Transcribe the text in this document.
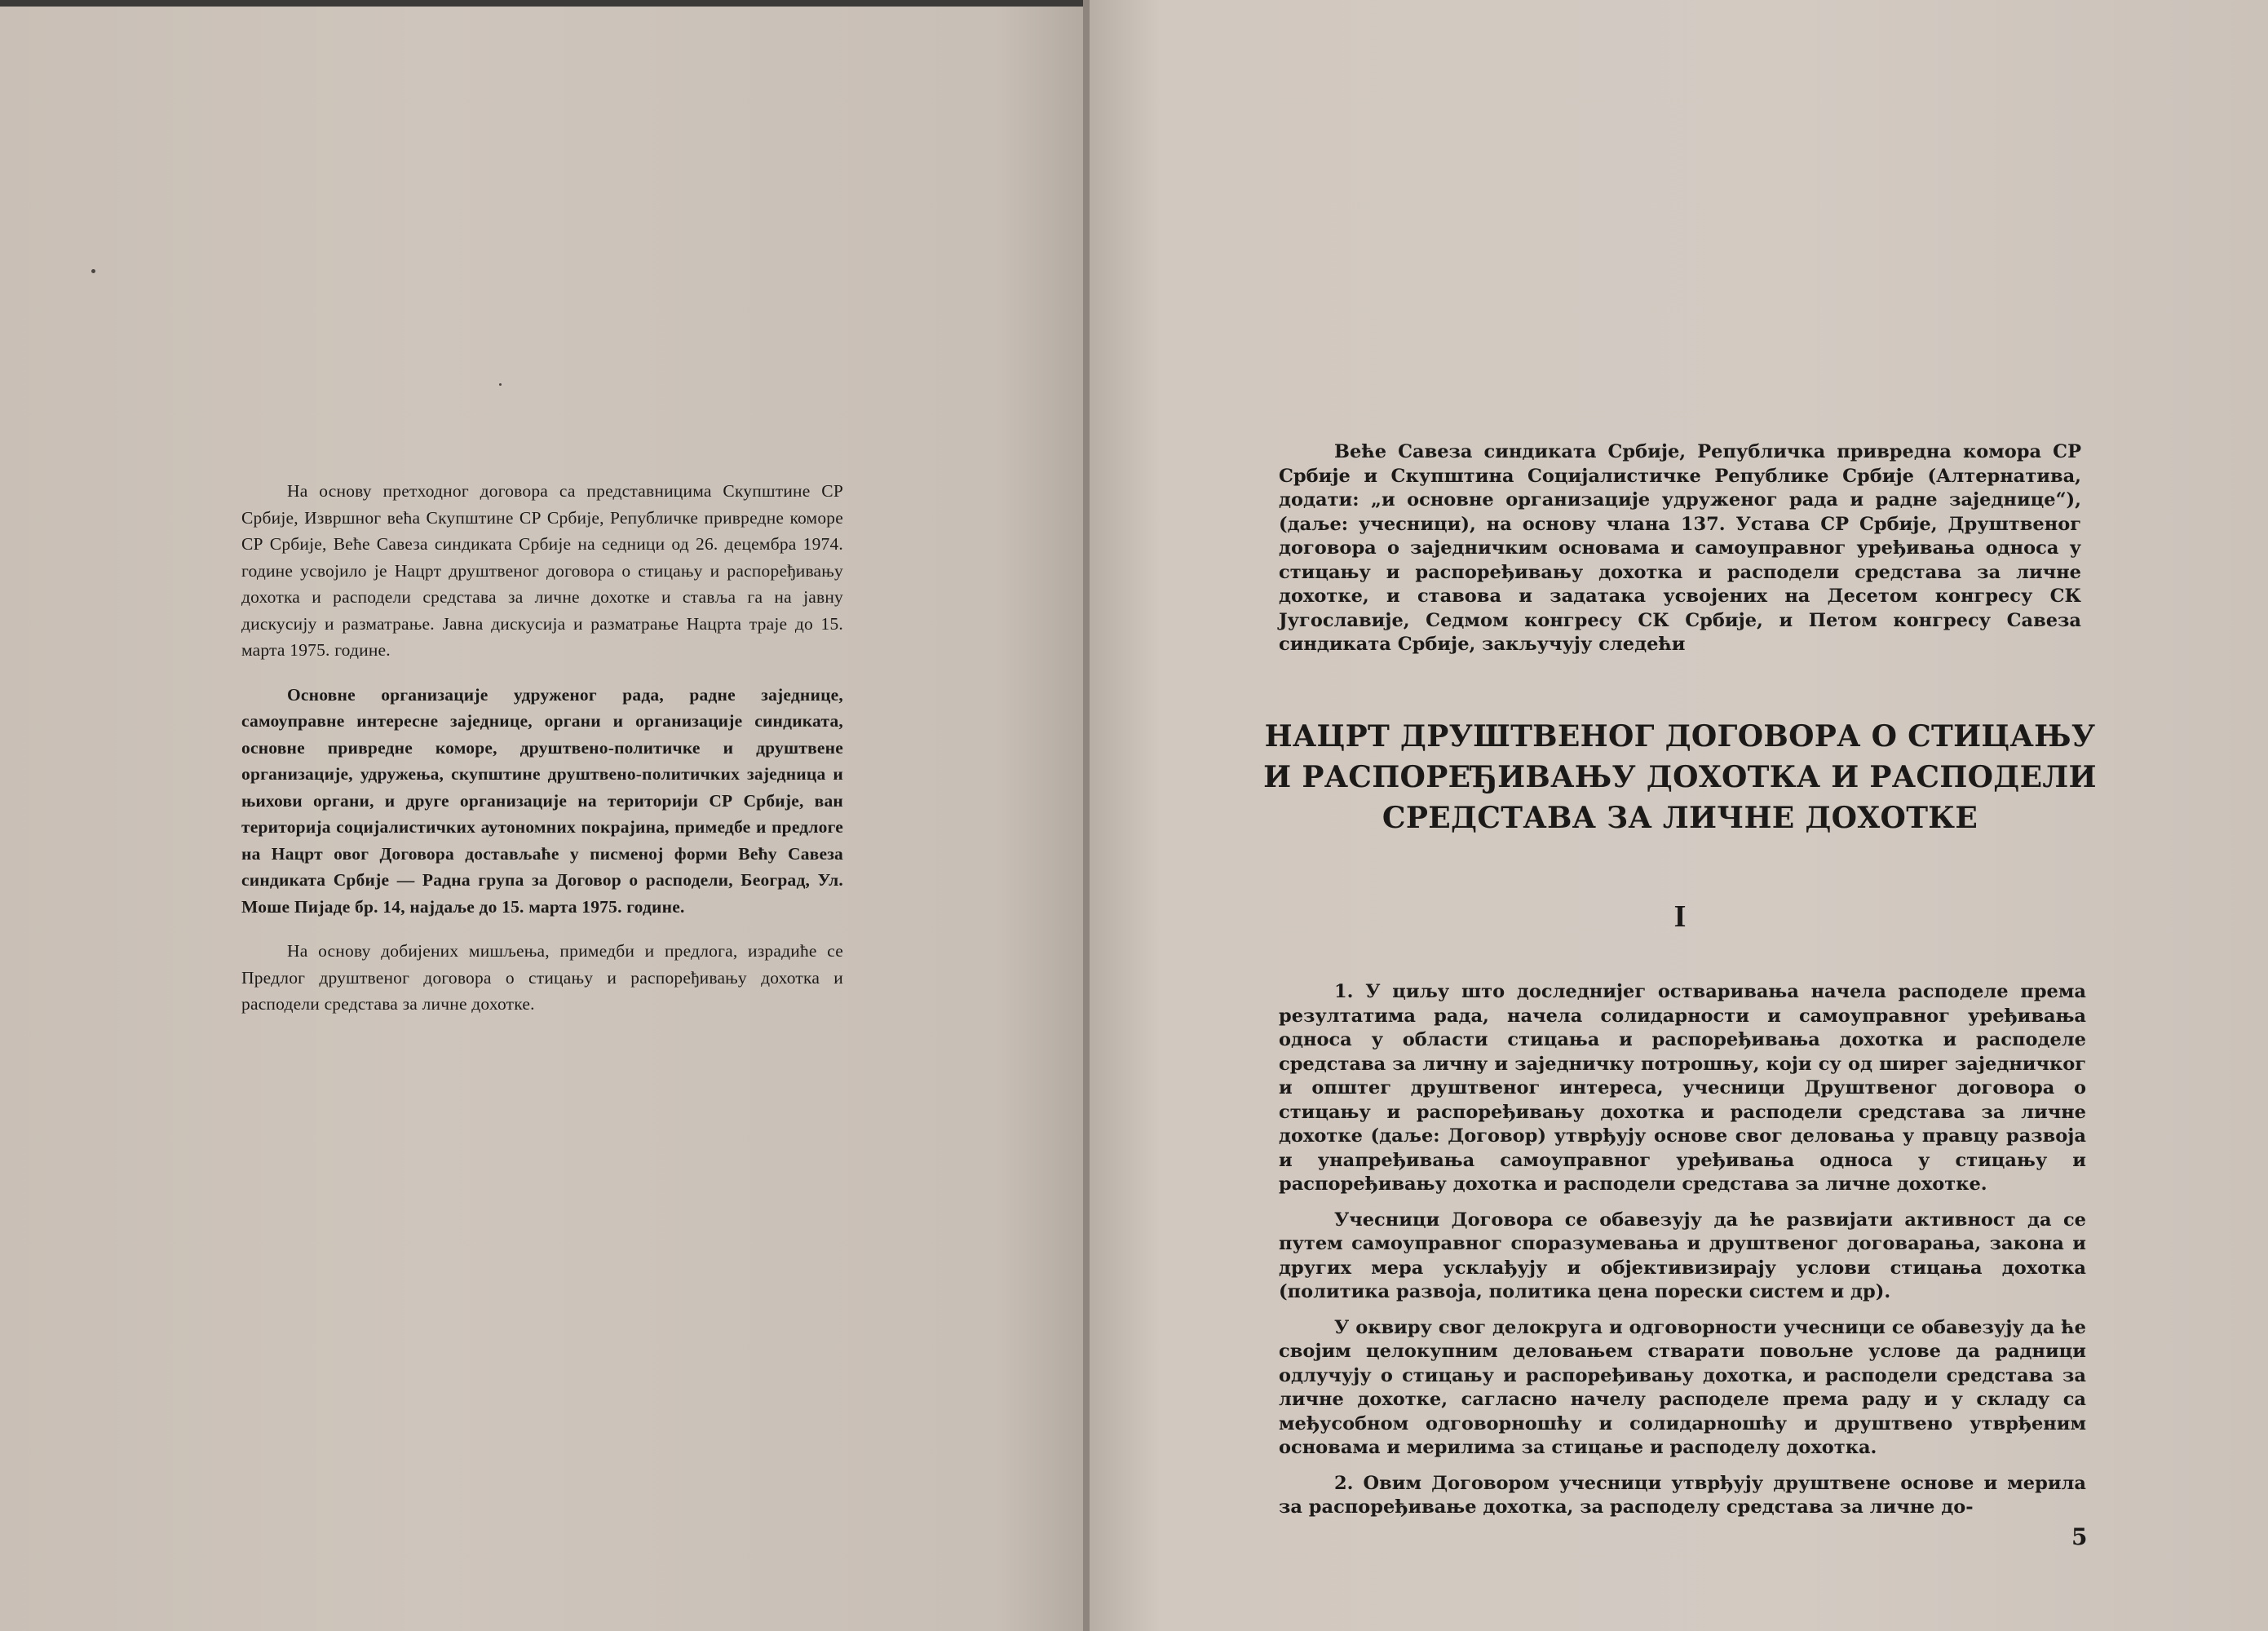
На основу претходног договора са представницима Скупштине СР Србије, Извршног већа Скупштине СР Србије, Републичке привредне коморе СР Србије, Веће Савеза синдиката Србије на седници од 26. децембра 1974. године усвојило је Нацрт друштвеног договора о стицању и распоређивању дохотка и расподели средстава за личне дохотке и ставља га на јавну дискусију и разматрање. Јавна дискусија и разматрање Нацрта траје до 15. марта 1975. године.

Основне организације удруженог рада, радне заједнице, самоуправне интересне заједнице, органи и организације синдиката, основне привредне коморе, друштвено-политичке и друштвене организације, удружења, скупштине друштвено-политичких заједница и њихови органи, и друге организације на територији СР Србије, ван територија социјалистичких аутономних покрајина, примедбе и предлоге на Нацрт овог Договора достављаће у писменој форми Већу Савеза синдиката Србије — Радна група за Договор о расподели, Београд, Ул. Моше Пијаде бр. 14, најдаље до 15. марта 1975. године.

На основу добијених мишљења, примедби и предлога, израдиће се Предлог друштвеног договора о стицању и распоређивању дохотка и расподели средстава за личне дохотке.

Веће Савеза синдиката Србије, Републичка привредна комора СР Србије и Скупштина Социјалистичке Републике Србије (Алтернатива, додати: „и основне организације удруженог рада и радне заједнице“), (даље: учесници), на основу члана 137. Устава СР Србије, Друштвеног договора о заједничким основама и самоуправног уређивања односа у стицању и распоређивању дохотка и расподели средстава за личне дохотке, и ставова и задатака усвојених на Десетом конгресу СК Југославије, Седмом конгресу СК Србије, и Петом конгресу Савеза синдиката Србије, закључују следећи

НАЦРТ ДРУШТВЕНОГ ДОГОВОРА О СТИЦАЊУ
И РАСПОРЕЂИВАЊУ ДОХОТКА И РАСПОДЕЛИ
СРЕДСТАВА ЗА ЛИЧНЕ ДОХОТКЕ
I

1. У циљу што доследнијег остваривања начела расподеле према резултатима рада, начела солидарности и самоуправног уређивања односа у области стицања и распоређивања дохотка и расподеле средстава за личну и заједничку потрошњу, који су од ширег заједничког и општег друштвеног интереса, учесници Друштвеног договора о стицању и распоређивању дохотка и расподели средстава за личне дохотке (даље: Договор) утврђују основе свог деловања у правцу развоја и унапређивања самоуправног уређивања односа у стицању и распоређивању дохотка и расподели средстава за личне дохотке.

Учесници Договора се обавезују да ће развијати активност да се путем самоуправног споразумевања и друштвеног договарања, закона и других мера усклађују и објективизирају услови стицања дохотка (политика развоја, политика цена порески систем и др).

У оквиру свог делокруга и одговорности учесници се обавезују да ће својим целокупним деловањем стварати повољне услове да радници одлучују о стицању и распоређивању дохотка, и расподели средстава за личне дохотке, сагласно начелу расподеле према раду и у складу са међусобном одговорношћу и солидарношћу и друштвено утврђеним основама и мерилима за стицање и расподелу дохотка.

2. Овим Договором учесници утврђују друштвене основе и мерила за распоређивање дохотка, за расподелу средстава за личне до-

5
